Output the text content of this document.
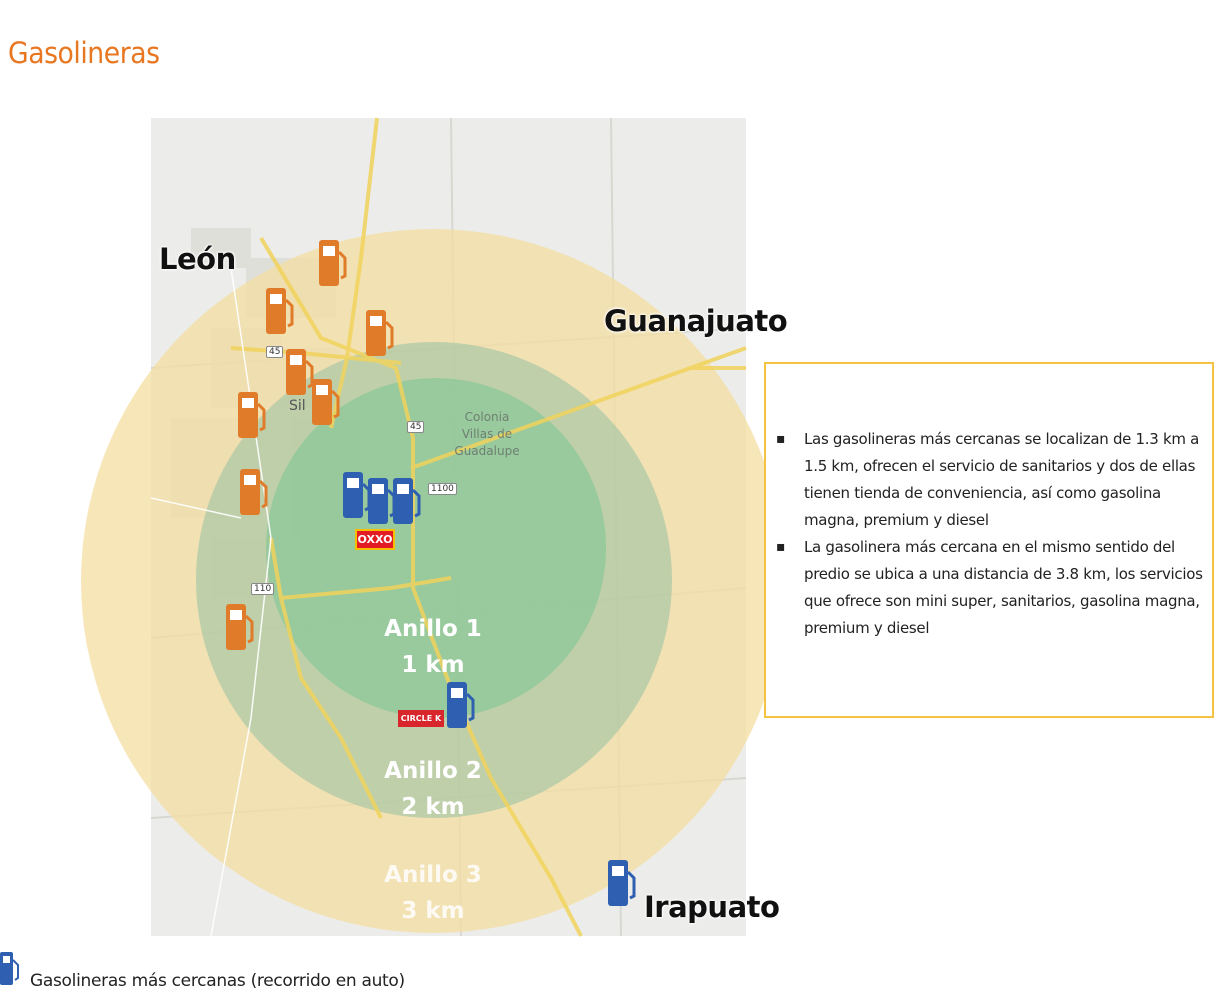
Gasolineras
León
Guanajuato
Irapuato
Colonia
Villas de
Guadalupe
Sil
45
45
110
1100
Anillo 1
1 km
Anillo 2
2 km
Anillo 3
3 km
OXXO
CIRCLE K
▪	Las gasolineras más cercanas se localizan de 1.3 km a 1.5 km, ofrecen el servicio de sanitarios y dos de ellas tienen tienda de conveniencia, así como gasolina magna, premium y diesel
▪	La gasolinera más cercana en el mismo sentido del predio se ubica a una distancia de 3.8 km, los servicios que ofrece son mini super, sanitarios, gasolina magna, premium y diesel
Gasolineras más cercanas (recorrido en auto)
